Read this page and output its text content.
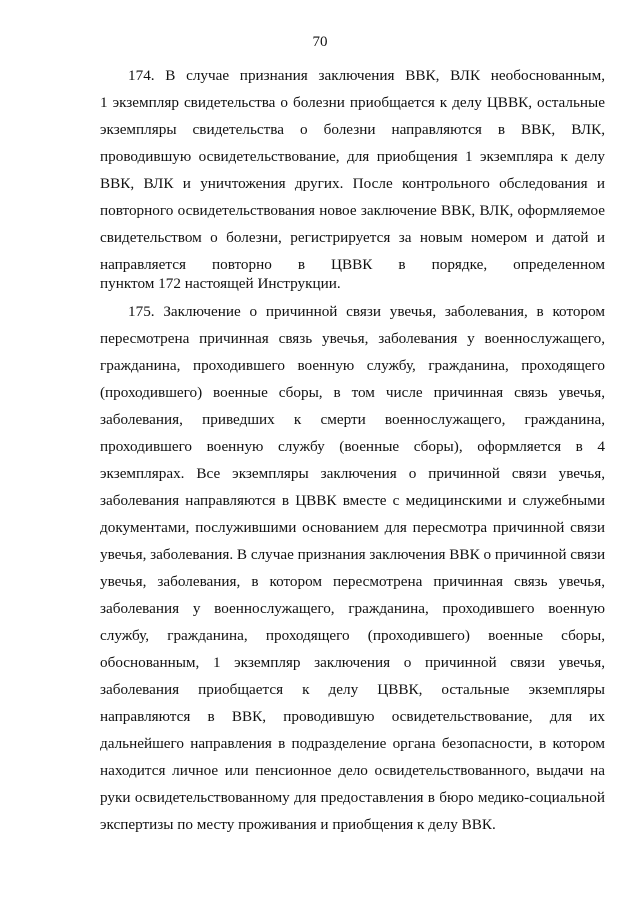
70
174. В случае признания заключения ВВК, ВЛК необоснованным,
1 экземпляр свидетельства о болезни приобщается к делу ЦВВК, остальные
экземпляры свидетельства о болезни направляются в ВВК, ВЛК,
проводившую освидетельствование, для приобщения 1 экземпляра к делу
ВВК, ВЛК и уничтожения других. После контрольного обследования и
повторного освидетельствования новое заключение ВВК, ВЛК, оформляемое
свидетельством о болезни, регистрируется за новым номером и датой и
направляется повторно в ЦВВК в порядке, определенном
пунктом 172 настоящей Инструкции.
175. Заключение о причинной связи увечья, заболевания, в котором
пересмотрена причинная связь увечья, заболевания у военнослужащего,
гражданина, проходившего военную службу, гражданина, проходящего
(проходившего) военные сборы, в том числе причинная связь увечья,
заболевания, приведших к смерти военнослужащего, гражданина,
проходившего военную службу (военные сборы), оформляется в 4
экземплярах. Все экземпляры заключения о причинной связи увечья,
заболевания направляются в ЦВВК вместе с медицинскими и служебными
документами, послужившими основанием для пересмотра причинной связи
увечья, заболевания. В случае признания заключения ВВК о причинной связи
увечья, заболевания, в котором пересмотрена причинная связь увечья,
заболевания у военнослужащего, гражданина, проходившего военную
службу, гражданина, проходящего (проходившего) военные сборы,
обоснованным, 1 экземпляр заключения о причинной связи увечья,
заболевания приобщается к делу ЦВВК, остальные экземпляры
направляются в ВВК, проводившую освидетельствование, для их
дальнейшего направления в подразделение органа безопасности, в котором
находится личное или пенсионное дело освидетельствованного, выдачи на
руки освидетельствованному для предоставления в бюро медико-социальной
экспертизы по месту проживания и приобщения к делу ВВК.
